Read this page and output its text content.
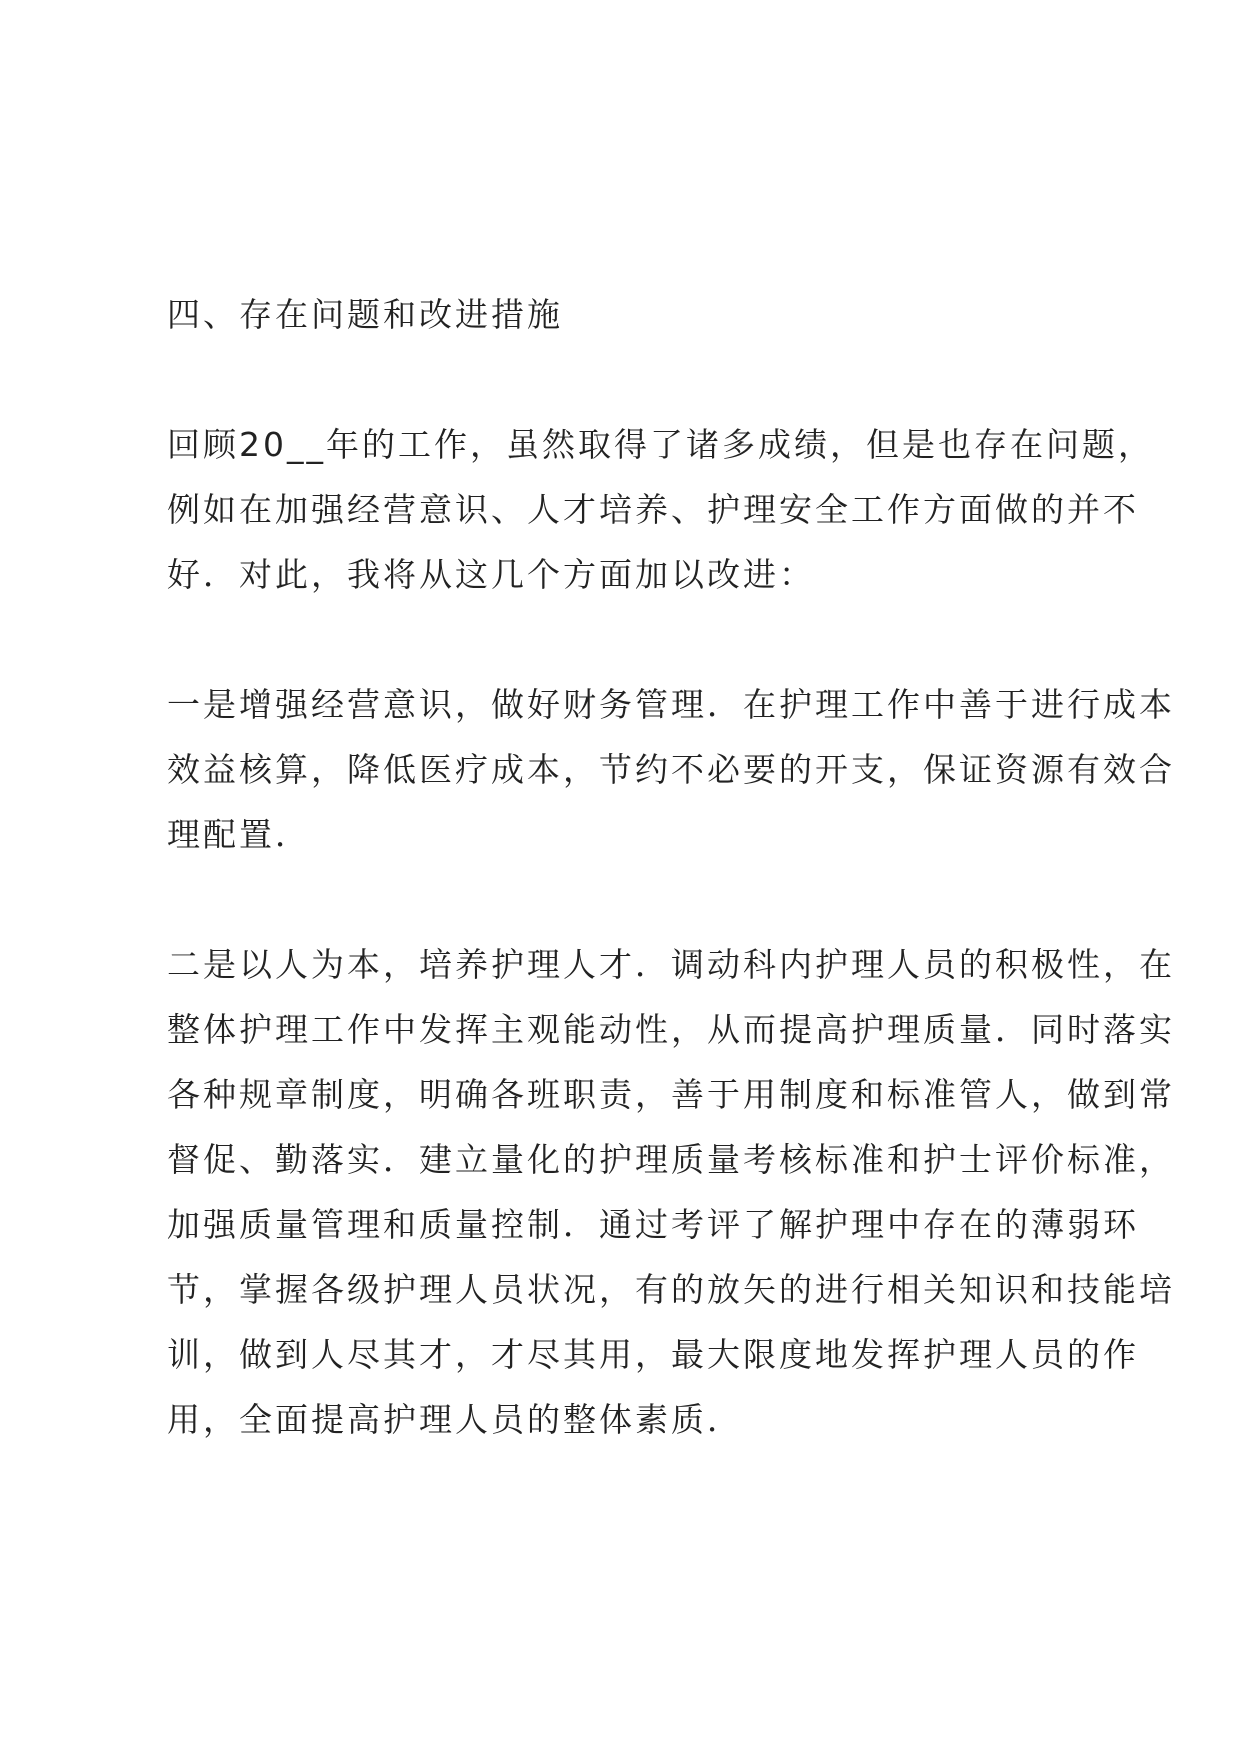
四、存在问题和改进措施

回顾20__年的工作，虽然取得了诸多成绩，但是也存在问题，

例如在加强经营意识、人才培养、护理安全工作方面做的并不

好．对此，我将从这几个方面加以改进：

一是增强经营意识，做好财务管理．在护理工作中善于进行成本

效益核算，降低医疗成本，节约不必要的开支，保证资源有效合

理配置．

二是以人为本，培养护理人才．调动科内护理人员的积极性，在

整体护理工作中发挥主观能动性，从而提高护理质量．同时落实

各种规章制度，明确各班职责，善于用制度和标准管人，做到常

督促、勤落实．建立量化的护理质量考核标准和护士评价标准，

加强质量管理和质量控制．通过考评了解护理中存在的薄弱环

节，掌握各级护理人员状况，有的放矢的进行相关知识和技能培

训，做到人尽其才，才尽其用，最大限度地发挥护理人员的作

用，全面提高护理人员的整体素质．
